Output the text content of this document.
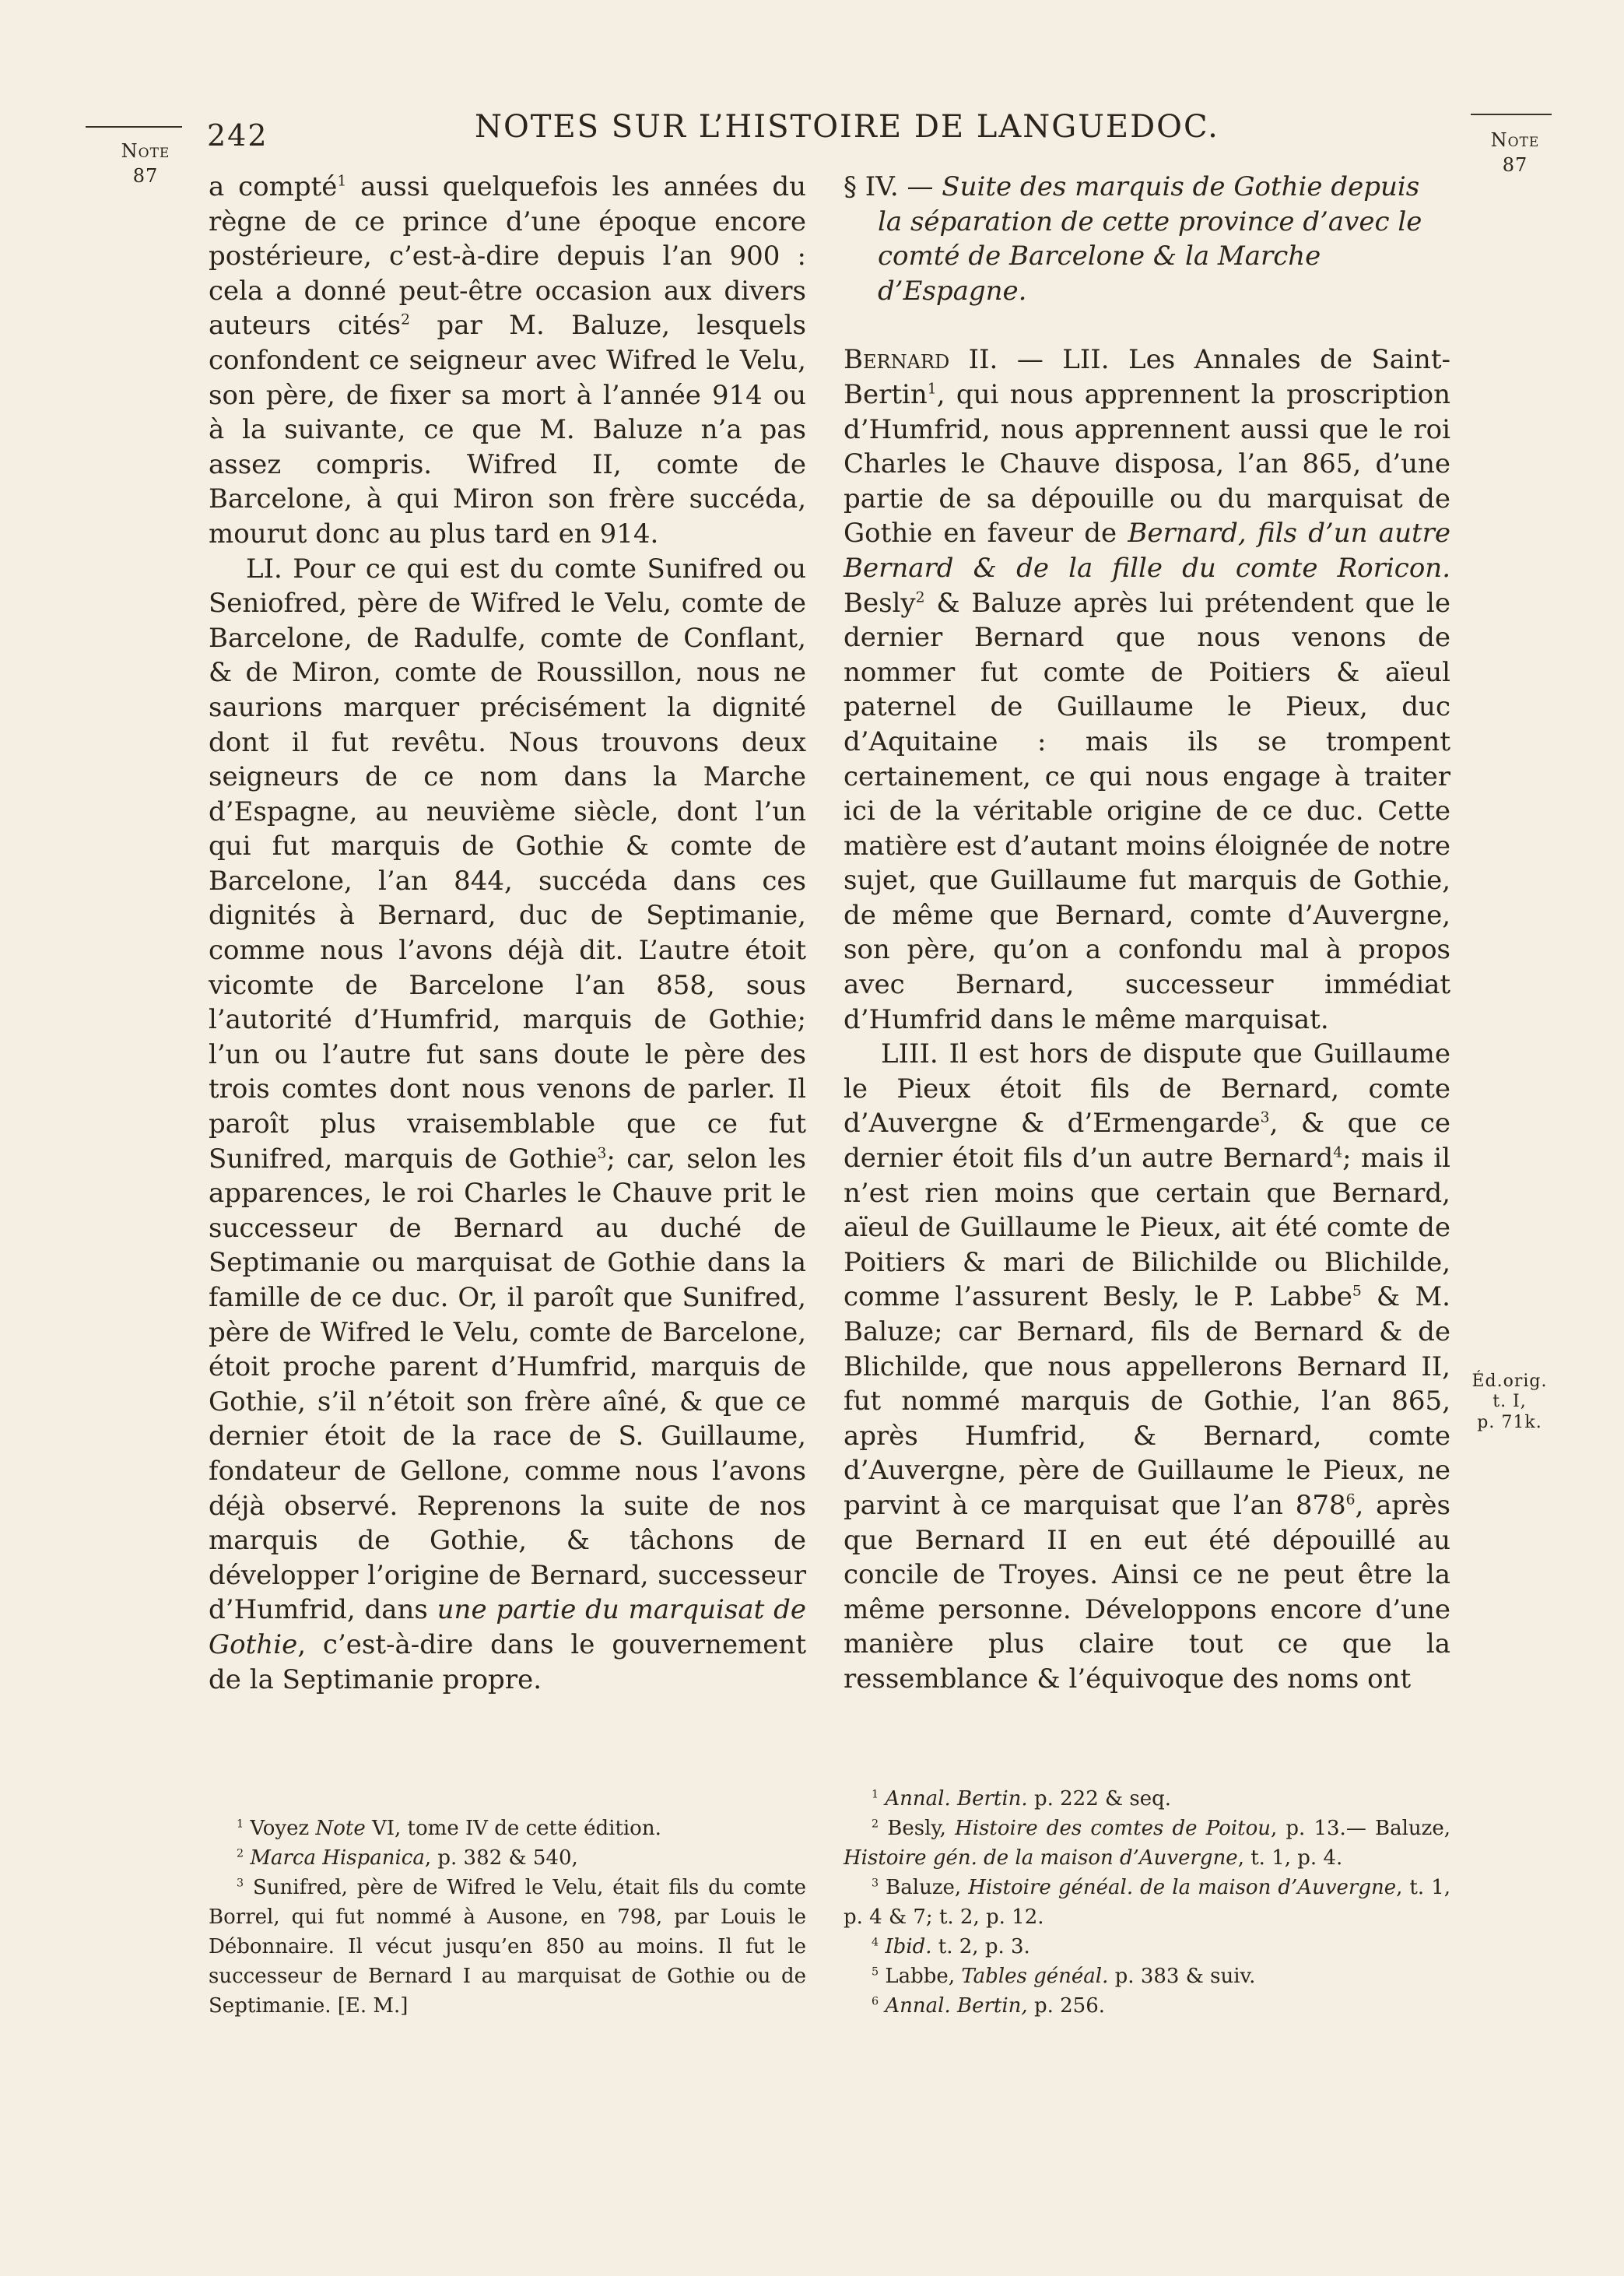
Note
87
Note
87
Éd.orig.
t. I,
p. 71k.
242	NOTES SUR L’HISTOIRE DE LANGUEDOC.

a compté$^1$ aussi quelquefois les années du règne de ce prince d’une époque encore postérieure, c’est-à-dire depuis l’an 900 : cela a donné peut-être occasion aux divers auteurs cités$^2$ par M. Baluze, lesquels confondent ce seigneur avec Wifred le Velu, son père, de fixer sa mort à l’année 914 ou à la suivante, ce que M. Baluze n’a pas assez compris. Wifred II, comte de Barcelone, à qui Miron son frère succéda, mourut donc au plus tard en 914.

LI. Pour ce qui est du comte Sunifred ou Seniofred, père de Wifred le Velu, comte de Barcelone, de Radulfe, comte de Conflant, & de Miron, comte de Roussillon, nous ne saurions marquer précisément la dignité dont il fut revêtu. Nous trouvons deux seigneurs de ce nom dans la Marche d’Espagne, au neuvième siècle, dont l’un qui fut marquis de Gothie & comte de Barcelone, l’an 844, succéda dans ces dignités à Bernard, duc de Septimanie, comme nous l’avons déjà dit. L’autre étoit vicomte de Barcelone l’an 858, sous l’autorité d’Humfrid, marquis de Gothie; l’un ou l’autre fut sans doute le père des trois comtes dont nous venons de parler. Il paroît plus vraisemblable que ce fut Sunifred, marquis de Gothie$^3$; car, selon les apparences, le roi Charles le Chauve prit le successeur de Bernard au duché de Septimanie ou marquisat de Gothie dans la famille de ce duc. Or, il paroît que Sunifred, père de Wifred le Velu, comte de Barcelone, étoit proche parent d’Humfrid, marquis de Gothie, s’il n’étoit son frère aîné, & que ce dernier étoit de la race de S. Guillaume, fondateur de Gellone, comme nous l’avons déjà observé. Reprenons la suite de nos marquis de Gothie, & tâchons de développer l’origine de Bernard, successeur d’Humfrid, dans une partie du marquisat de Gothie, c’est-à-dire dans le gouvernement de la Septimanie propre.

§ IV. — Suite des marquis de Gothie depuis la séparation de cette province d’avec le comté de Barcelone & la Marche d’Espagne.

Bernard II. — LII. Les Annales de Saint-Bertin$^1$, qui nous apprennent la proscription d’Humfrid, nous apprennent aussi que le roi Charles le Chauve disposa, l’an 865, d’une partie de sa dépouille ou du marquisat de Gothie en faveur de Bernard, fils d’un autre Bernard & de la fille du comte Roricon. Besly$^2$ & Baluze après lui prétendent que le dernier Bernard que nous venons de nommer fut comte de Poitiers & aïeul paternel de Guillaume le Pieux, duc d’Aquitaine : mais ils se trompent certainement, ce qui nous engage à traiter ici de la véritable origine de ce duc. Cette matière est d’autant moins éloignée de notre sujet, que Guillaume fut marquis de Gothie, de même que Bernard, comte d’Auvergne, son père, qu’on a confondu mal à propos avec Bernard, successeur immédiat d’Humfrid dans le même marquisat.

LIII. Il est hors de dispute que Guillaume le Pieux étoit fils de Bernard, comte d’Auvergne & d’Ermengarde$^3$, & que ce dernier étoit fils d’un autre Bernard$^4$; mais il n’est rien moins que certain que Bernard, aïeul de Guillaume le Pieux, ait été comte de Poitiers & mari de Bilichilde ou Blichilde, comme l’assurent Besly, le P. Labbe$^5$ & M. Baluze; car Bernard, fils de Bernard & de Blichilde, que nous appellerons Bernard II, fut nommé marquis de Gothie, l’an 865, après Humfrid, & Bernard, comte d’Auvergne, père de Guillaume le Pieux, ne parvint à ce marquisat que l’an $878^6$, après que Bernard II en eut été dépouillé au concile de Troyes. Ainsi ce ne peut être la même personne. Développons encore d’une manière plus claire tout ce que la ressemblance & l’équivoque des noms ont

$^1$ Voyez Note VI, tome IV de cette édition.

$^2$ Marca Hispanica, p. 382 & 540,

$^3$ Sunifred, père de Wifred le Velu, était fils du comte Borrel, qui fut nommé à Ausone, en 798, par Louis le Débonnaire. Il vécut jusqu’en 850 au moins. Il fut le successeur de Bernard I au marquisat de Gothie ou de Septimanie. [E. M.]

$^1$ Annal. Bertin. p. 222 & seq.

$^2$ Besly, Histoire des comtes de Poitou, p. 13.— Baluze, Histoire gén. de la maison d’Auvergne, t. 1, p. 4.

$^3$ Baluze, Histoire généal. de la maison d’Auvergne, t. 1, p. 4 & 7; t. 2, p. 12.

$^4$ Ibid. t. 2, p. 3.

$^5$ Labbe, Tables généal. p. 383 & suiv.

$^6$ Annal. Bertin, p. 256.
